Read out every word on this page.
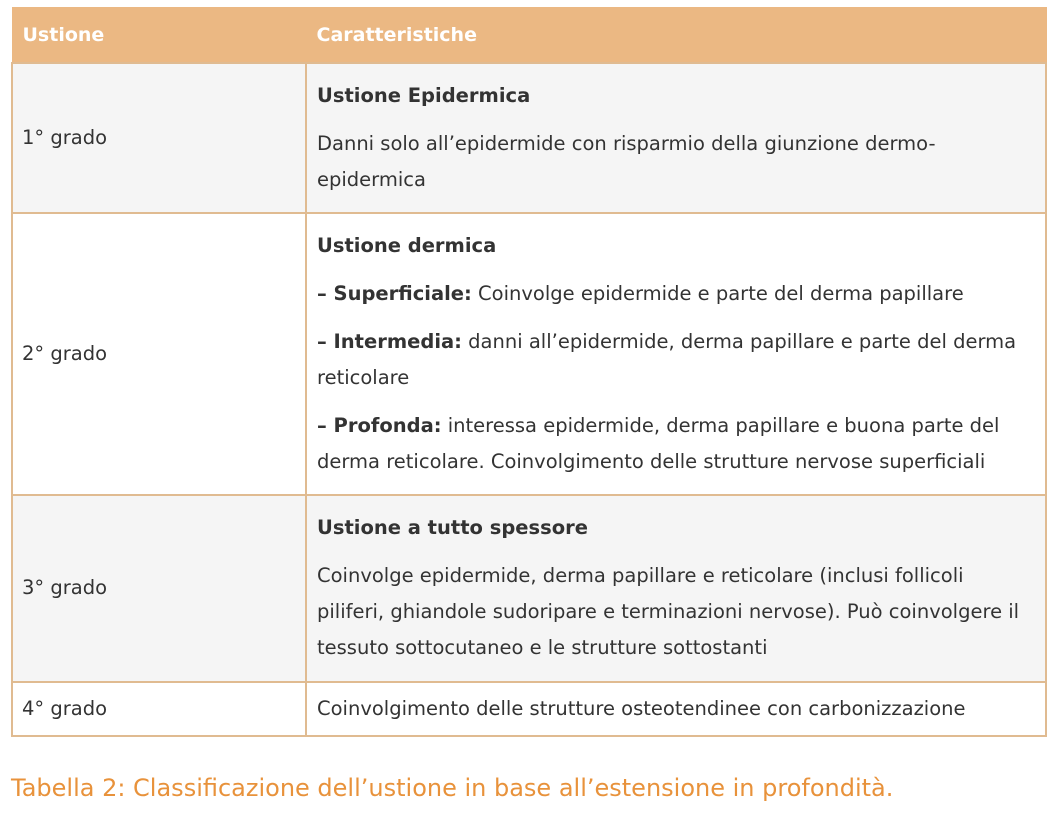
Ustione	Caratteristiche
1° grado	Ustione Epidermica

Danni solo all’epidermide con risparmio della giunzione dermo-epidermica

2° grado	Ustione dermica

– Superficiale: Coinvolge epidermide e parte del derma papillare

– Intermedia: danni all’epidermide, derma papillare e parte del derma reticolare

– Profonda: interessa epidermide, derma papillare e buona parte del derma reticolare. Coinvolgimento delle strutture nervose superficiali

3° grado	Ustione a tutto spessore

Coinvolge epidermide, derma papillare e reticolare (inclusi follicoli piliferi, ghiandole sudoripare e terminazioni nervose). Può coinvolgere il tessuto sottocutaneo e le strutture sottostanti

4° grado	Coinvolgimento delle strutture osteotendinee con carbonizzazione

Tabella 2: Classificazione dell’ustione in base all’estensione in profondità.
